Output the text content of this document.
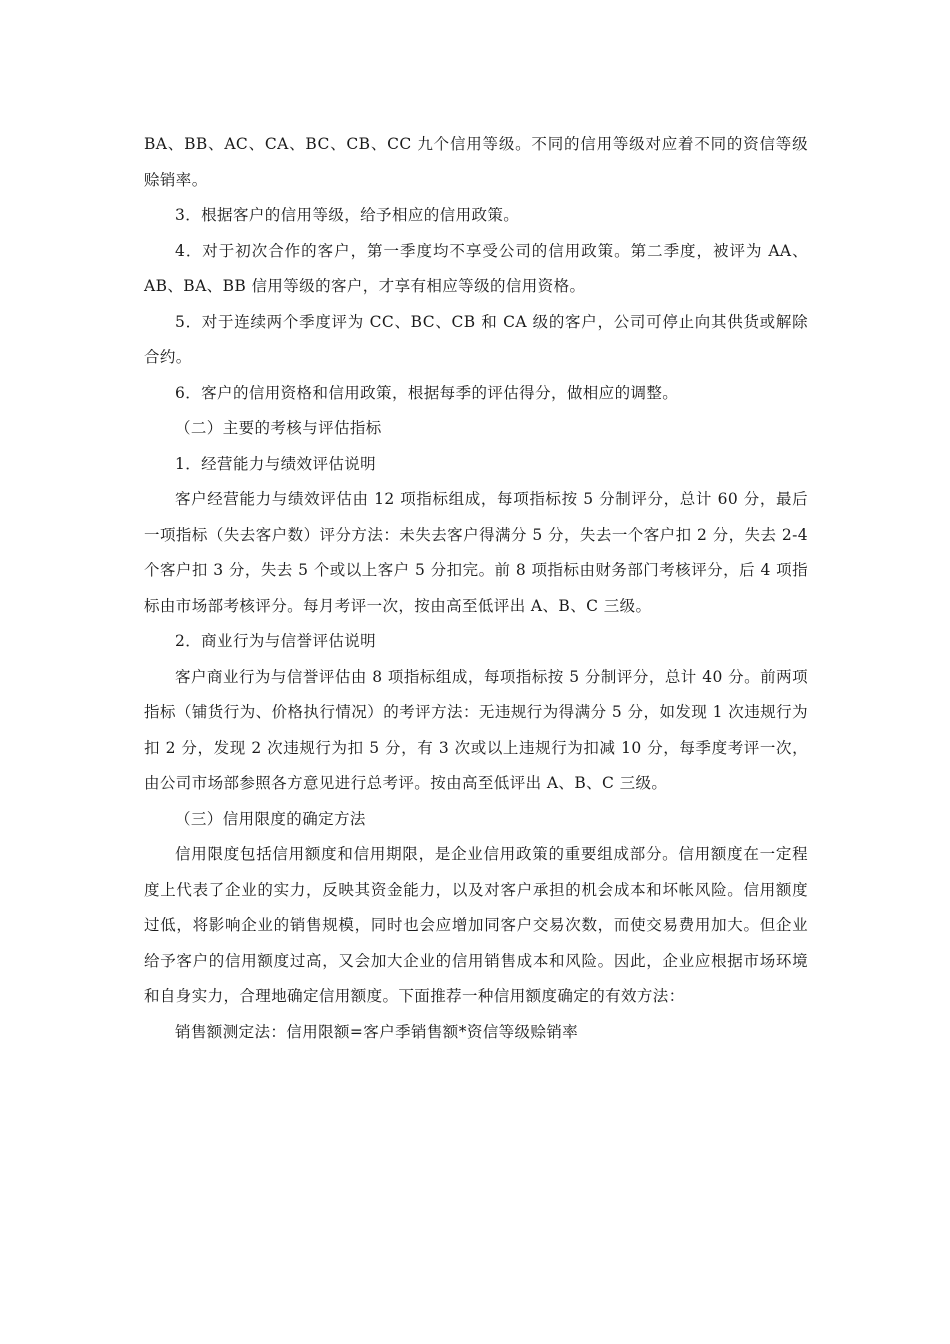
BA、BB、AC、CA、BC、CB、CC 九个信用等级。不同的信用等级对应着不同的资信等级赊销率。

3．根据客户的信用等级，给予相应的信用政策。

4．对于初次合作的客户，第一季度均不享受公司的信用政策。第二季度，被评为 AA、AB、BA、BB 信用等级的客户，才享有相应等级的信用资格。

5．对于连续两个季度评为 CC、BC、CB 和 CA 级的客户，公司可停止向其供货或解除合约。

6．客户的信用资格和信用政策，根据每季的评估得分，做相应的调整。

（二）主要的考核与评估指标

1．经营能力与绩效评估说明

客户经营能力与绩效评估由 12 项指标组成，每项指标按 5 分制评分，总计 60 分，最后一项指标（失去客户数）评分方法：未失去客户得满分 5 分，失去一个客户扣 2 分，失去 2-4 个客户扣 3 分，失去 5 个或以上客户 5 分扣完。前 8 项指标由财务部门考核评分，后 4 项指标由市场部考核评分。每月考评一次，按由高至低评出 A、B、C 三级。

2．商业行为与信誉评估说明

客户商业行为与信誉评估由 8 项指标组成，每项指标按 5 分制评分，总计 40 分。前两项指标（铺货行为、价格执行情况）的考评方法：无违规行为得满分 5 分，如发现 1 次违规行为扣 2 分，发现 2 次违规行为扣 5 分，有 3 次或以上违规行为扣减 10 分，每季度考评一次，由公司市场部参照各方意见进行总考评。按由高至低评出 A、B、C 三级。

（三）信用限度的确定方法

信用限度包括信用额度和信用期限，是企业信用政策的重要组成部分。信用额度在一定程度上代表了企业的实力，反映其资金能力，以及对客户承担的机会成本和坏帐风险。信用额度过低，将影响企业的销售规模，同时也会应增加同客户交易次数，而使交易费用加大。但企业给予客户的信用额度过高，又会加大企业的信用销售成本和风险。因此，企业应根据市场环境和自身实力，合理地确定信用额度。下面推荐一种信用额度确定的有效方法：

销售额测定法：信用限额=客户季销售额*资信等级赊销率
